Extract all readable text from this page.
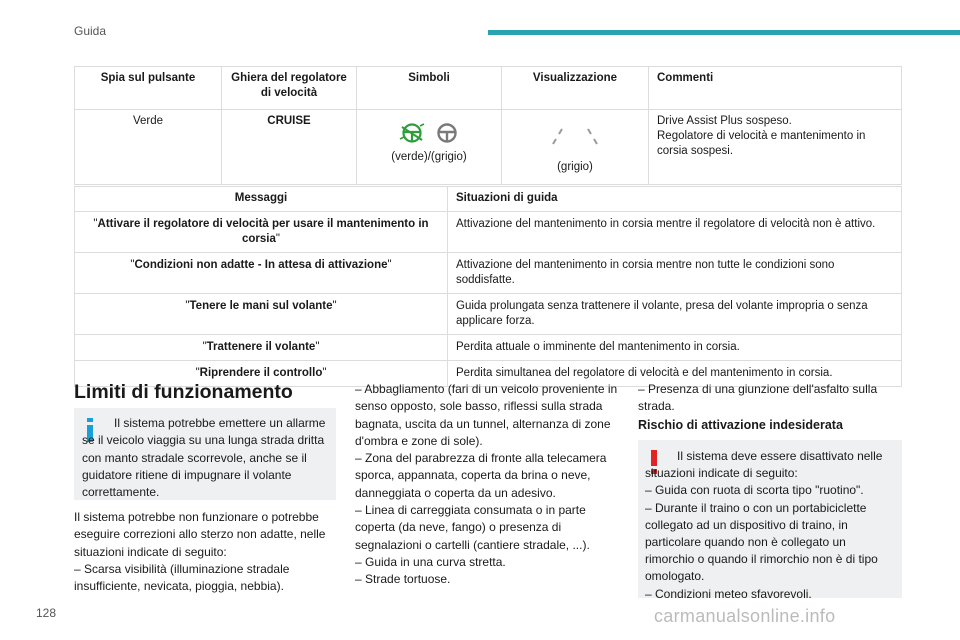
Guida
Spia sul pulsante	Ghiera del regolatore di velocità	Simboli	Visualizzazione	Commenti
Verde	CRUISE	(verde)/(grigio)	(grigio)	Drive Assist Plus sospeso.
Regolatore di velocità e mantenimento in corsia sospesi.
Messaggi	Situazioni di guida
"Attivare il regolatore di velocità per usare il mantenimento in corsia"	Attivazione del mantenimento in corsia mentre il regolatore di velocità non è attivo.
"Condizioni non adatte - In attesa di attivazione"	Attivazione del mantenimento in corsia mentre non tutte le condizioni sono soddisfatte.
"Tenere le mani sul volante"	Guida prolungata senza trattenere il volante, presa del volante impropria o senza applicare forza.
"Trattenere il volante"	Perdita attuale o imminente del mantenimento in corsia.
"Riprendere il controllo"	Perdita simultanea del regolatore di velocità e del mantenimento in corsia.
Limiti di funzionamento
Il sistema potrebbe emettere un allarme se il veicolo viaggia su una lunga strada dritta con manto stradale scorrevole, anche se il guidatore ritiene di impugnare il volante correttamente.
Il sistema potrebbe non funzionare o potrebbe eseguire correzioni allo sterzo non adatte, nelle situazioni indicate di seguito:
– Scarsa visibilità (illuminazione stradale insufficiente, nevicata, pioggia, nebbia).
– Abbagliamento (fari di un veicolo proveniente in senso opposto, sole basso, riflessi sulla strada bagnata, uscita da un tunnel, alternanza di zone d'ombra e zone di sole).
– Zona del parabrezza di fronte alla telecamera sporca, appannata, coperta da brina o neve, danneggiata o coperta da un adesivo.
– Linea di carreggiata consumata o in parte coperta (da neve, fango) o presenza di segnalazioni o cartelli (cantiere stradale, ...).
– Guida in una curva stretta.
– Strade tortuose.
– Presenza di una giunzione dell'asfalto sulla strada.
Rischio di attivazione indesiderata
Il sistema deve essere disattivato nelle situazioni indicate di seguito:
– Guida con ruota di scorta tipo "ruotino".
– Durante il traino o con un portabiciclette collegato ad un dispositivo di traino, in particolare quando non è collegato un rimorchio o quando il rimorchio non è di tipo omologato.
– Condizioni meteo sfavorevoli.
128	carmanualsonline.info
